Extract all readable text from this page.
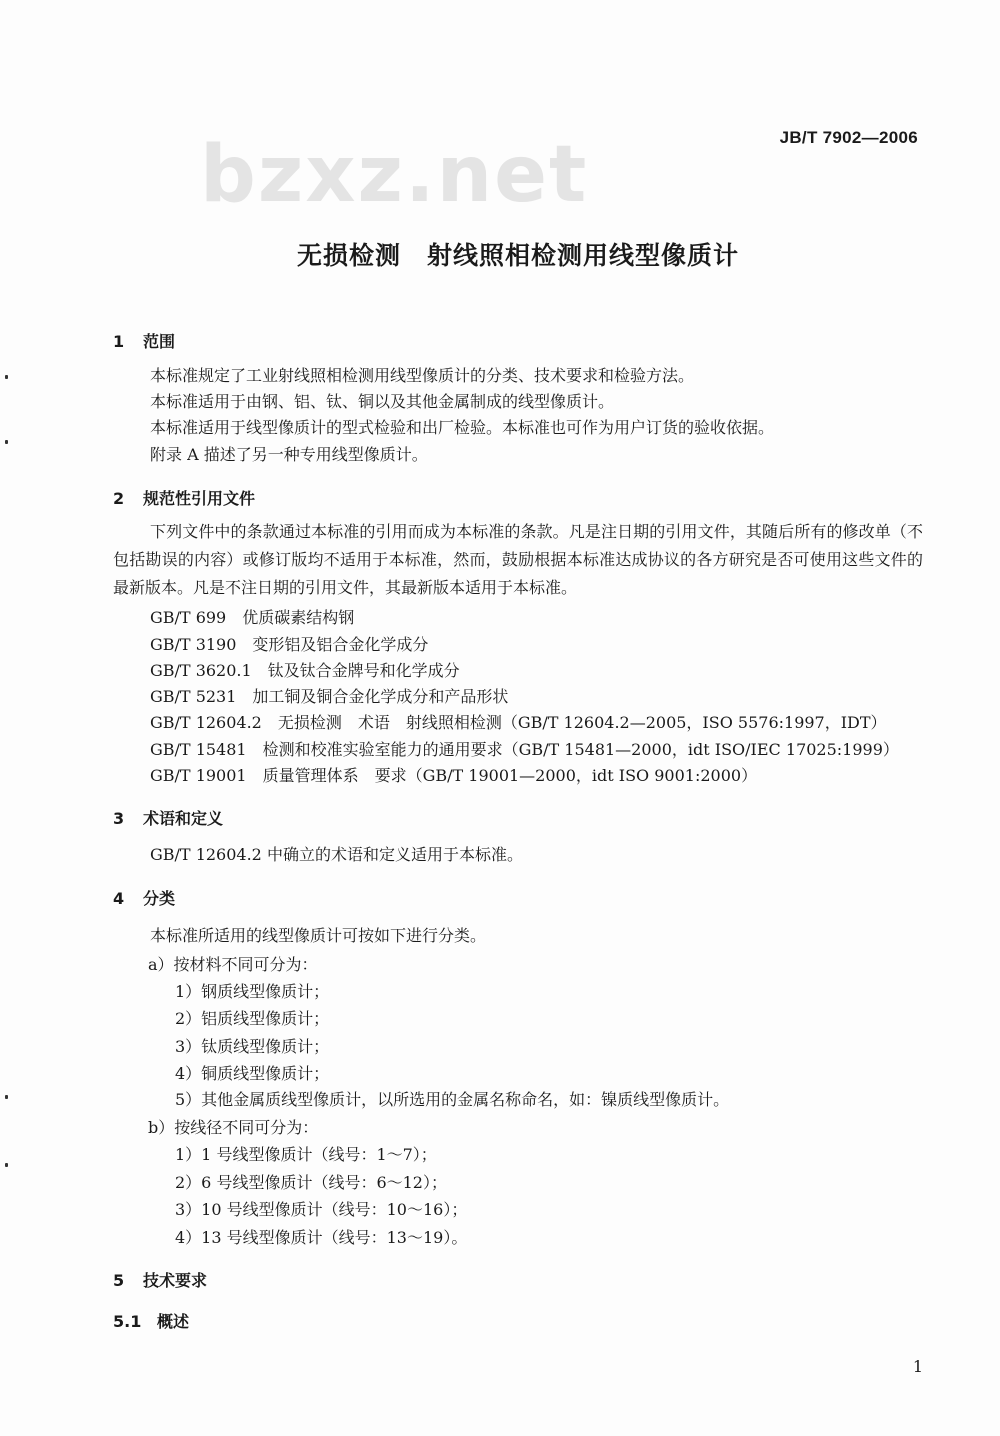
bzxz.net	JB/T 7902—2006
无损检测　射线照相检测用线型像质计
1 范围
本标准规定了工业射线照相检测用线型像质计的分类、技术要求和检验方法。
本标准适用于由钢、铝、钛、铜以及其他金属制成的线型像质计。
本标准适用于线型像质计的型式检验和出厂检验。本标准也可作为用户订货的验收依据。
附录 A 描述了另一种专用线型像质计。
2 规范性引用文件
下列文件中的条款通过本标准的引用而成为本标准的条款。凡是注日期的引用文件，其随后所有的修改单（不包括勘误的内容）或修订版均不适用于本标准，然而，鼓励根据本标准达成协议的各方研究是否可使用这些文件的最新版本。凡是不注日期的引用文件，其最新版本适用于本标准。
GB/T 699　优质碳素结构钢
GB/T 3190　变形铝及铝合金化学成分
GB/T 3620.1　钛及钛合金牌号和化学成分
GB/T 5231　加工铜及铜合金化学成分和产品形状
GB/T 12604.2　无损检测　术语　射线照相检测（GB/T 12604.2—2005，ISO 5576:1997，IDT）
GB/T 15481　检测和校准实验室能力的通用要求（GB/T 15481—2000，idt ISO/IEC 17025:1999）
GB/T 19001　质量管理体系　要求（GB/T 19001—2000，idt ISO 9001:2000）
3 术语和定义
GB/T 12604.2 中确立的术语和定义适用于本标准。
4 分类
本标准所适用的线型像质计可按如下进行分类。
a）按材料不同可分为：
1）钢质线型像质计；
2）铝质线型像质计；
3）钛质线型像质计；
4）铜质线型像质计；
5）其他金属质线型像质计，以所选用的金属名称命名，如：镍质线型像质计。
b）按线径不同可分为：
1）1 号线型像质计（线号：1～7）；
2）6 号线型像质计（线号：6～12）；
3）10 号线型像质计（线号：10～16）；
4）13 号线型像质计（线号：13～19）。
5 技术要求
5.1 概述
1
